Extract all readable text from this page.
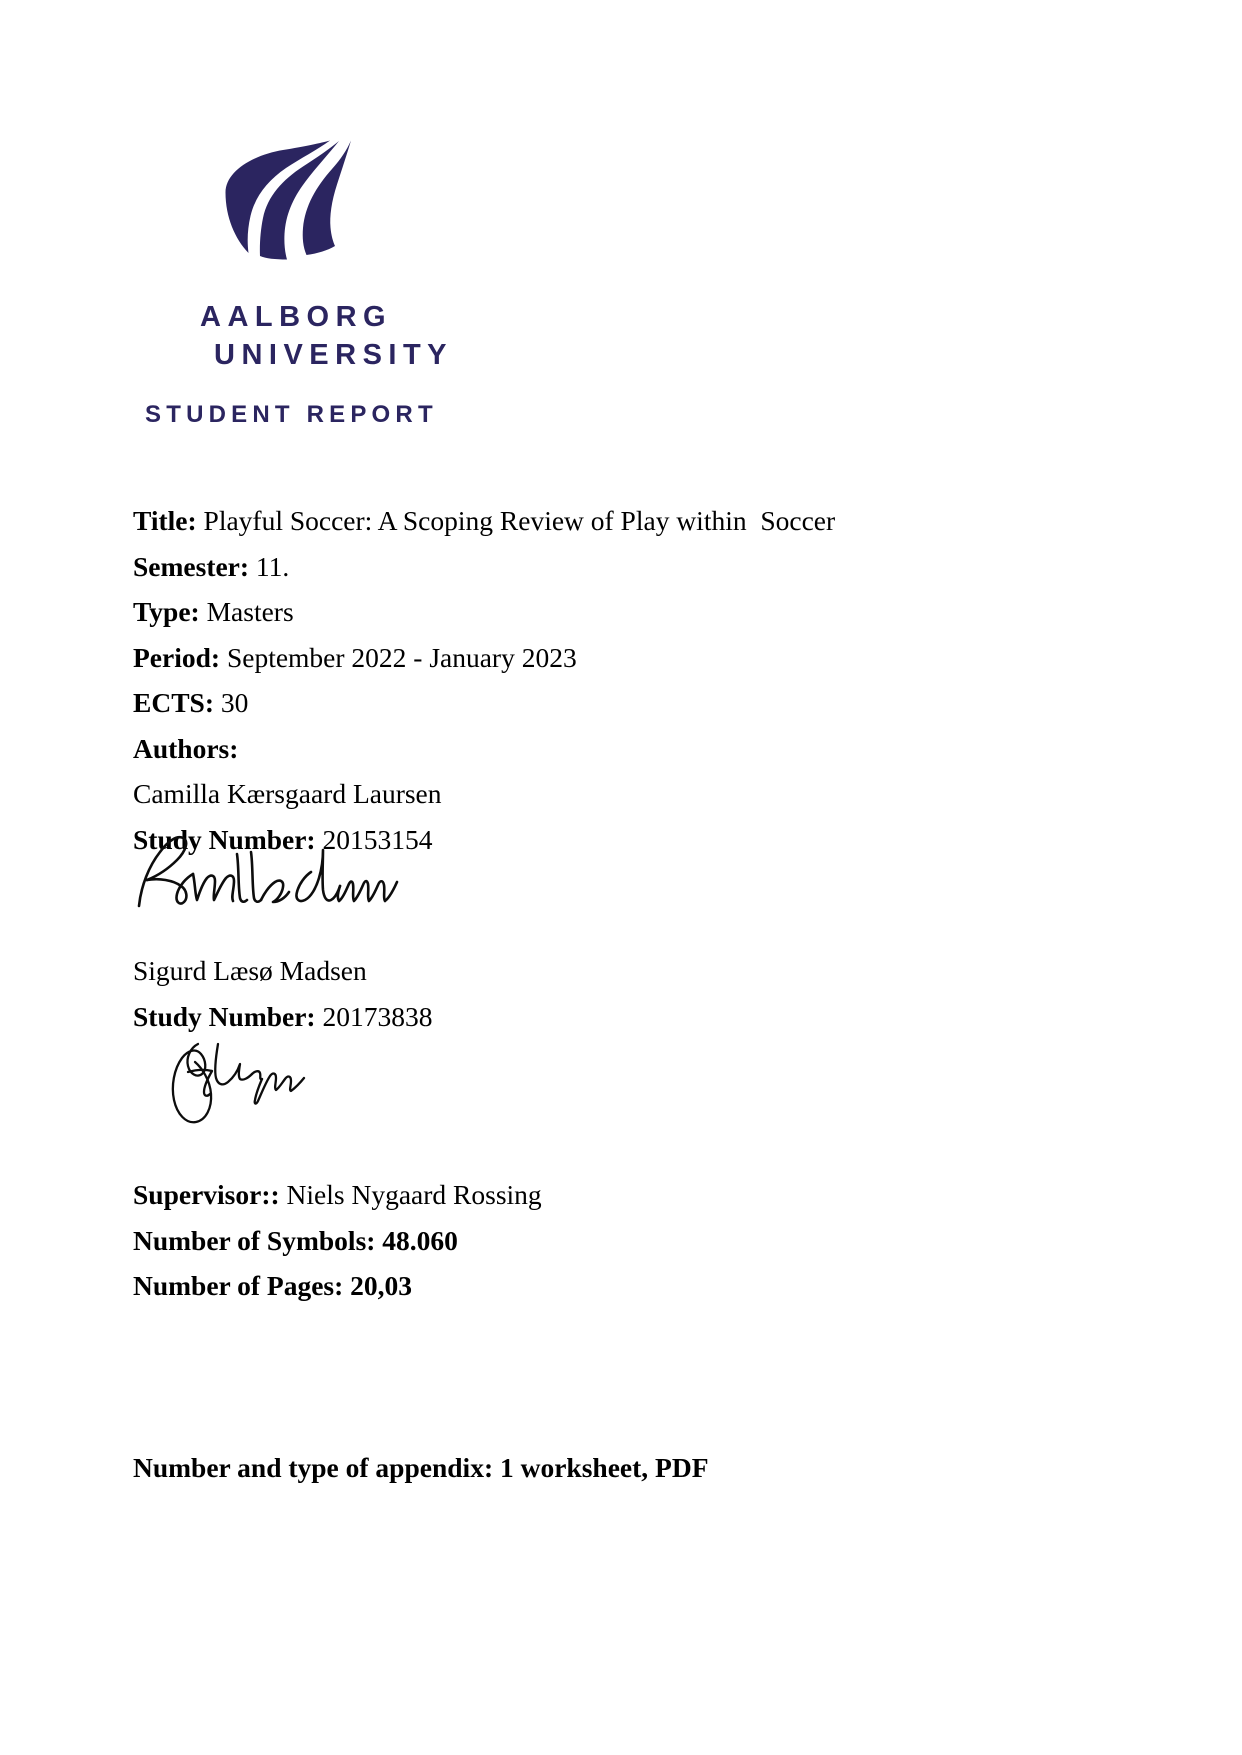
AALBORG
UNIVERSITY
STUDENT REPORT
Title: Playful Soccer: A Scoping Review of Play within  Soccer
Semester: 11.
Type: Masters
Period: September 2022 - January 2023
ECTS: 30
Authors:
Camilla Kærsgaard Laursen
Study Number: 20153154
Sigurd Læsø Madsen
Study Number: 20173838
Supervisor:: Niels Nygaard Rossing
Number of Symbols: 48.060
Number of Pages: 20,03
Number and type of appendix: 1 worksheet, PDF
